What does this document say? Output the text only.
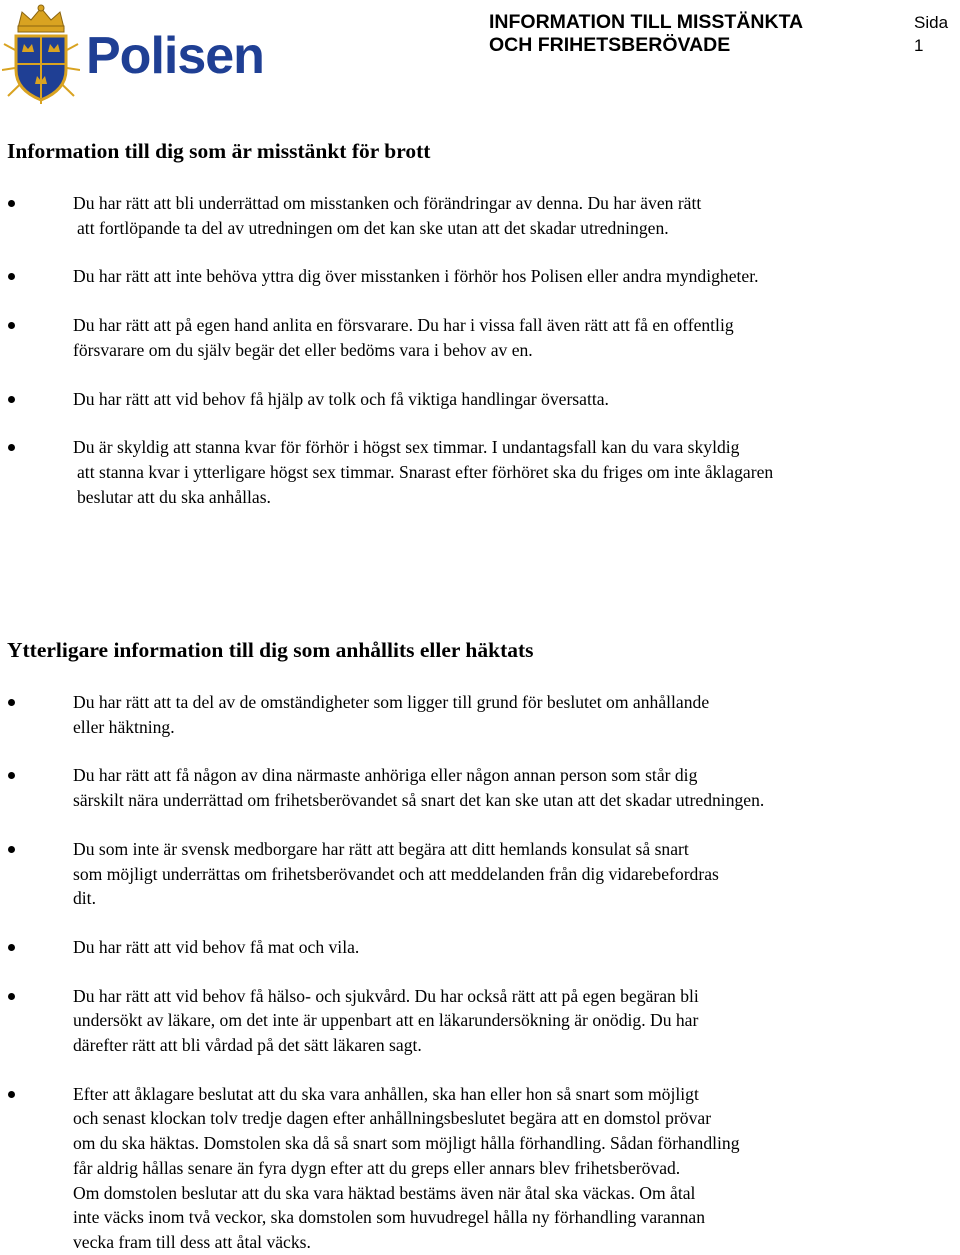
Polisen
INFORMATION TILL MISSTÄNKTA
OCH FRIHETSBERÖVADE
Sida 1
Information till dig som är misstänkt för brott
Du har rätt att bli underrättad om misstanken och förändringar av denna. Du har även rätt
att fortlöpande ta del av utredningen om det kan ske utan att det skadar utredningen.
Du har rätt att inte behöva yttra dig över misstanken i förhör hos Polisen eller andra myndigheter.
Du har rätt att på egen hand anlita en försvarare. Du har i vissa fall även rätt att få en offentlig
försvarare om du själv begär det eller bedöms vara i behov av en.
Du har rätt att vid behov få hjälp av tolk och få viktiga handlingar översatta.
Du är skyldig att stanna kvar för förhör i högst sex timmar. I undantagsfall kan du vara skyldig
att stanna kvar i ytterligare högst sex timmar. Snarast efter förhöret ska du friges om inte åklagaren
beslutar att du ska anhållas.
Ytterligare information till dig som anhållits eller häktats
Du har rätt att ta del av de omständigheter som ligger till grund för beslutet om anhållande
eller häktning.
Du har rätt att få någon av dina närmaste anhöriga eller någon annan person som står dig
särskilt nära underrättad om frihetsberövandet så snart det kan ske utan att det skadar utredningen.
Du som inte är svensk medborgare har rätt att begära att ditt hemlands konsulat så snart
som möjligt underrättas om frihetsberövandet och att meddelanden från dig vidarebefordras
dit.
Du har rätt att vid behov få mat och vila.
Du har rätt att vid behov få hälso- och sjukvård. Du har också rätt att på egen begäran bli
undersökt av läkare, om det inte är uppenbart att en läkarundersökning är onödig. Du har
därefter rätt att bli vårdad på det sätt läkaren sagt.
Efter att åklagare beslutat att du ska vara anhållen, ska han eller hon så snart som möjligt
och senast klockan tolv tredje dagen efter anhållningsbeslutet begära att en domstol prövar
om du ska häktas. Domstolen ska då så snart som möjligt hålla förhandling. Sådan förhandling
får aldrig hållas senare än fyra dygn efter att du greps eller annars blev frihetsberövad.
Om domstolen beslutar att du ska vara häktad bestäms även när åtal ska väckas. Om åtal
inte väcks inom två veckor, ska domstolen som huvudregel hålla ny förhandling varannan
vecka fram till dess att åtal väcks.
